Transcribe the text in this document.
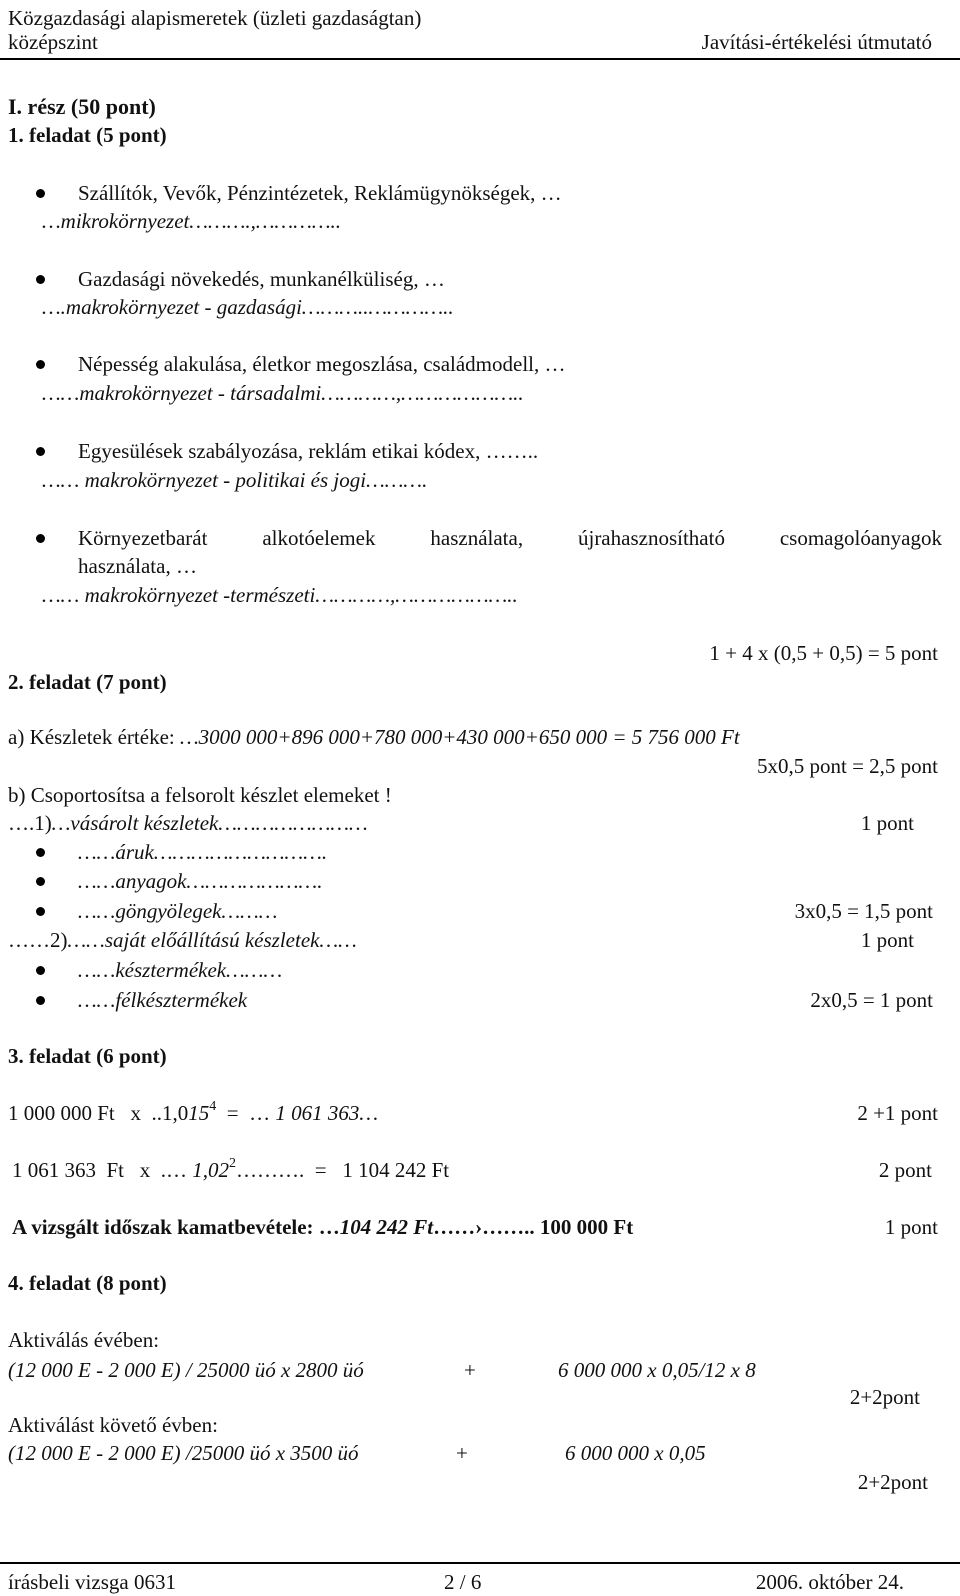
Közgazdasági alapismeretek (üzleti gazdaságtan)
középszint	Javítási-értékelési útmutató
I. rész (50 pont)
1. feladat (5 pont)
Szállítók, Vevők, Pénzintézetek, Reklámügynökségek, …
…mikrokörnyezet……….,…………..
Gazdasági növekedés, munkanélküliség, …
….makrokörnyezet - gazdasági………..…………..
Népesség alakulása, életkor megoszlása, családmodell, …
……makrokörnyezet - társadalmi…………,………………..
Egyesülések szabályozása, reklám etikai kódex, ……..
…… makrokörnyezet - politikai és jogi……….
Környezetbarát	alkotóelemek	használata,	újrahasznosítható	csomagolóanyagok
használata, …
…… makrokörnyezet -természeti…………,………………..
1 + 4 x (0,5 + 0,5) = 5 pont
2. feladat (7 pont)
a) Készletek értéke: …3000 000+896 000+780 000+430 000+650 000 = 5 756 000 Ft
5x0,5 pont = 2,5 pont
b) Csoportosítsa a felsorolt készlet elemeket !
….1)…vásárolt készletek……………………	1 pont
……áruk……………………….
……anyagok………………….
……göngyölegek………	3x0,5 = 1,5 pont
……2)……saját előállítású készletek……	1 pont
……késztermékek………
……félkésztermékek	2x0,5 = 1 pont
3. feladat (6 pont)
1 000 000 Ft   x  ..1,015$^4$  =  … 1 061 363…	2 +1 pont
1 061 363  Ft   x  .… 1,02$^2$……….  =   1 104 242 Ft	2 pont
A vizsgált időszak kamatbevétele: …104 242 Ft……›…….. 100 000 Ft	1 pont
4. feladat (8 pont)
Aktiválás évében:
(12 000 E - 2 000 E) / 25000 üó x 2800 üó	+	6 000 000 x 0,05/12 x 8
2+2pont
Aktiválást követő évben:
(12 000 E - 2 000 E) /25000 üó x 3500 üó	+	6 000 000 x 0,05
2+2pont
írásbeli vizsga 0631	2 / 6	2006. október 24.
